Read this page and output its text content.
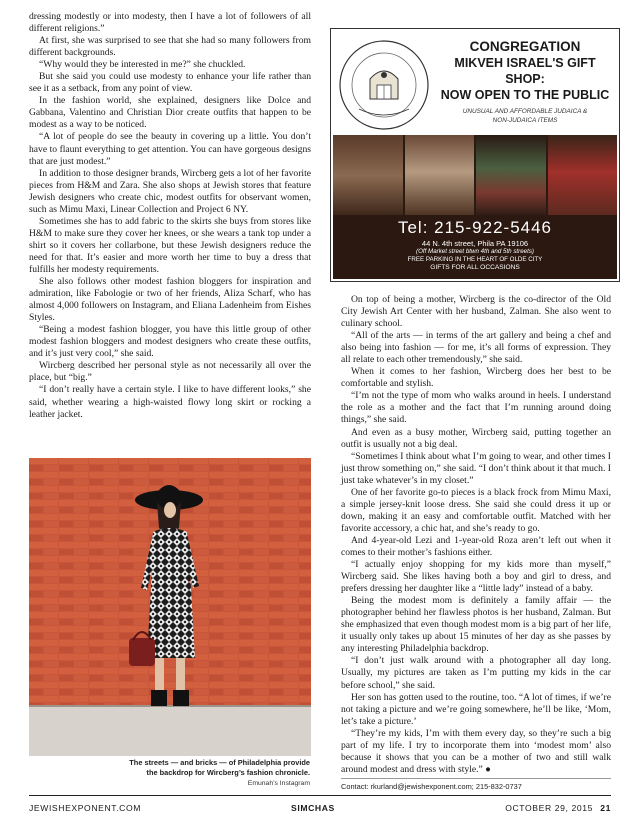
dressing modestly or into modesty, then I have a lot of followers of all different religions.”

At first, she was surprised to see that she had so many followers from different backgrounds.

“Why would they be interested in me?” she chuckled.

But she said you could use modesty to enhance your life rather than see it as a setback, from any point of view.

In the fashion world, she explained, designers like Dolce and Gabbana, Valentino and Christian Dior create outfits that happen to be modest as a way to be noticed.

“A lot of people do see the beauty in covering up a little. You don’t have to flaunt everything to get attention. You can have gorgeous designs that are just modest.”

In addition to those designer brands, Wircberg gets a lot of her favorite pieces from H&M and Zara. She also shops at Jewish stores that feature Jewish designers who create chic, modest outfits for observant women, such as Mimu Maxi, Linear Collection and Project 6 NY.

Sometimes she has to add fabric to the skirts she buys from stores like H&M to make sure they cover her knees, or she wears a tank top under a shirt so it covers her collarbone, but these Jewish designers reduce the need for that. It’s easier and more worth her time to buy a dress that fulfills her modesty requirements.

She also follows other modest fashion bloggers for inspiration and admiration, like Fabologie or two of her friends, Aliza Scharf, who has almost 4,000 followers on Instagram, and Eliana Ladenheim from Eishes Styles.

“Being a modest fashion blogger, you have this little group of other modest fashion bloggers and modest designers who create these outfits, and it’s just very cool,” she said.

Wircberg described her personal style as not necessarily all over the place, but “big.”

“I don’t really have a certain style. I like to have different looks,” she said, whether wearing a high-waisted flowy long skirt or rocking a leather jacket.

CONGREGATION
MIKVEH ISRAEL'S GIFT SHOP:
NOW OPEN TO THE PUBLIC
UNUSUAL AND AFFORDABLE JUDAICA &
NON-JUDAICA ITEMS
Tel: 215-922-5446
44 N. 4th street, Phila PA 19106
(Off Market street btwn 4th and 5th streets)
FREE PARKING IN THE HEART OF OLDE CITY
GIFTS FOR ALL OCCASIONS

On top of being a mother, Wircberg is the co-director of the Old City Jewish Art Center with her husband, Zalman. She also went to culinary school.

“All of the arts — in terms of the art gallery and being a chef and also being into fashion — for me, it’s all forms of expression. They all relate to each other tremendously,” she said.

When it comes to her fashion, Wircberg does her best to be comfortable and stylish.

“I’m not the type of mom who walks around in heels. I understand the role as a mother and the fact that I’m running around doing things,” she said.

And even as a busy mother, Wircberg said, putting together an outfit is usually not a big deal.

“Sometimes I think about what I’m going to wear, and other times I just throw something on,” she said. “I don’t think about it that much. I just take whatever’s in my closet.”

One of her favorite go-to pieces is a black frock from Mimu Maxi, a simple jersey-knit loose dress. She said she could dress it up or down, making it an easy and comfortable outfit. Matched with her favorite accessory, a chic hat, and she’s ready to go.

And 4-year-old Lezi and 1-year-old Roza aren’t left out when it comes to their mother’s fashions either.

“I actually enjoy shopping for my kids more than myself,” Wircberg said. She likes having both a boy and girl to dress, and prefers dressing her daughter like a “little lady” instead of a baby.

Being the modest mom is definitely a family affair — the photographer behind her flawless photos is her husband, Zalman. But she emphasized that even though modest mom is a big part of her life, it usually only takes up about 15 minutes of her day as she passes by any interesting Philadelphia backdrop.

“I don’t just walk around with a photographer all day long. Usually, my pictures are taken as I’m putting my kids in the car before school,” she said.

Her son has gotten used to the routine, too. “A lot of times, if we’re not taking a picture and we’re going somewhere, he’ll be like, ‘Mom, let’s take a picture.’

“They’re my kids, I’m with them every day, so they’re such a big part of my life. I try to incorporate them into ‘modest mom’ also because it shows that you can be a mother of two and still walk around modest and dress with style.” ●

The streets — and bricks — of Philadelphia provide
the backdrop for Wircberg’s fashion chronicle.
Emunah’s Instagram	Contact: rkurland@jewishexponent.com; 215-832-0737
JEWISHEXPONENT.COM	SIMCHAS	OCTOBER 29, 2015 21
